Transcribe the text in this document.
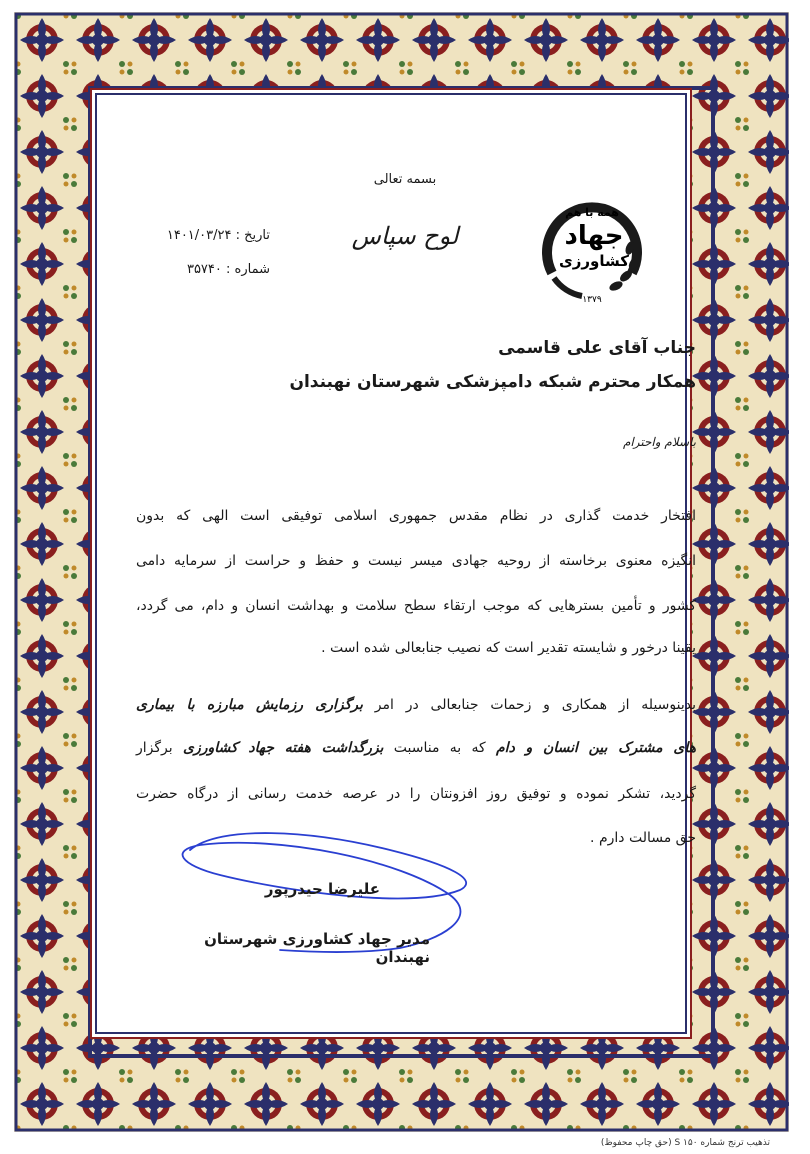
همه با هم
جهاد
کشاورزی
۱۳۷۹
بسمه تعالی
لوح سپاس
تاریخ : ۱۴۰۱/۰۳/۲۴
شماره : ۳۵۷۴۰
جناب آقای علی قاسمی
همکار محترم شبکه دامپزشکی شهرستان نهبندان
باسلام واحترام
افتخار خدمت گذاری در نظام مقدس جمهوری اسلامی توفیقی است الهی که بدون
انگیزه معنوی برخاسته از روحیه جهادی میسر نیست و حفظ و حراست از سرمایه دامی
کشور و تأمین بسترهایی که موجب ارتقاء سطح سلامت و بهداشت انسان و دام، می گردد،
یقینا درخور و شایسته تقدیر است که نصیب جنابعالی شده است .
بدینوسیله از همکاری و زحمات جنابعالی در امر برگزاری رزمایش مبارزه با بیماری
های مشترک بین انسان و دام که به مناسبت بزرگداشت هفته جهاد کشاورزی برگزار
گردید، تشکر نموده و توفیق روز افزونتان را در عرصه خدمت رسانی از درگاه حضرت
حق مسالت دارم .
علیرضا حیدرپور
مدیر جهاد کشاورزی شهرستان نهبندان
تذهیب ترنج شماره ۱۵۰ S (حق چاپ محفوظ)
